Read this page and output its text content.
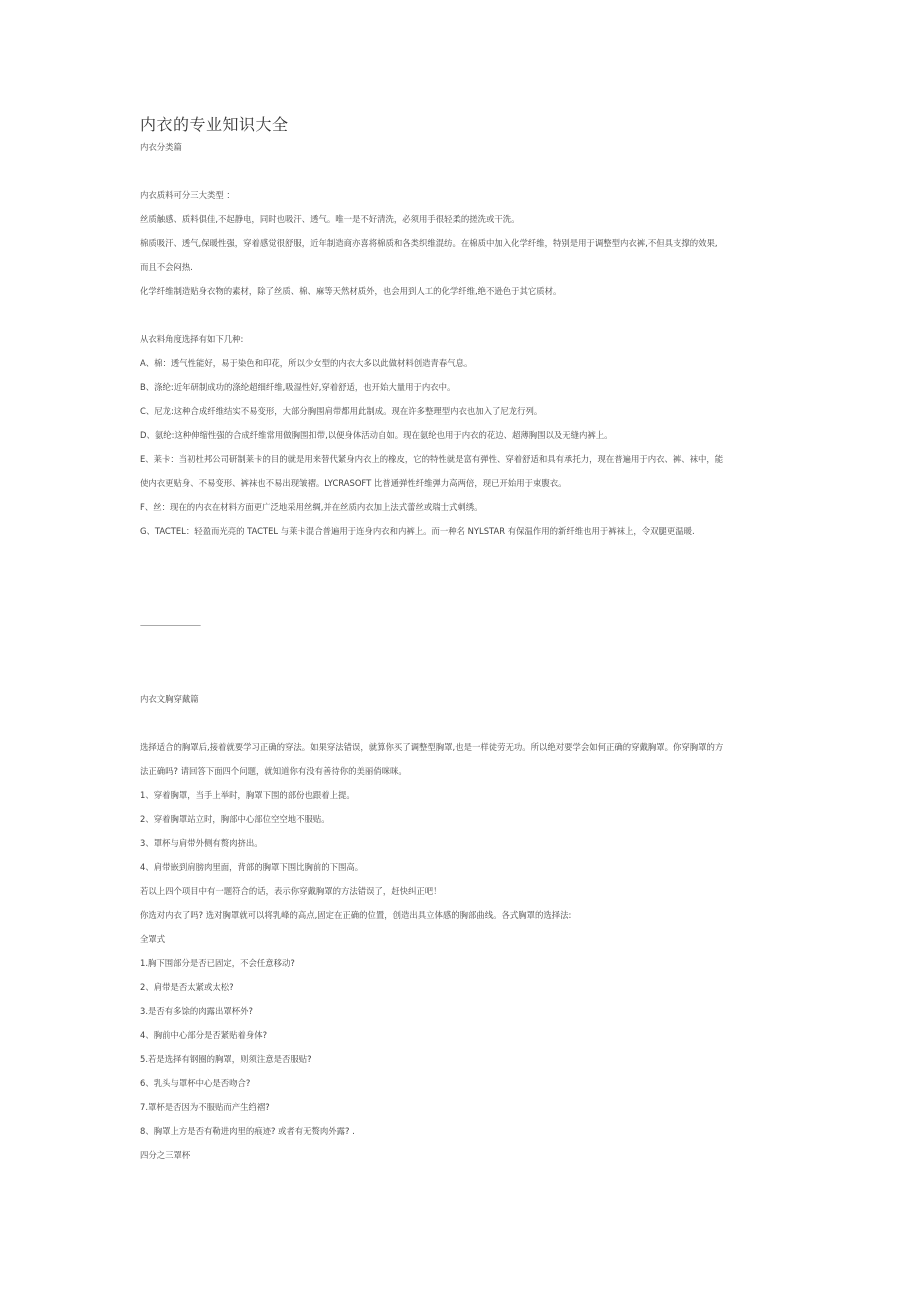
内衣的专业知识大全
内衣分类篇
内衣质料可分三大类型 ：
丝质触感、质料俱佳,不起静电，同时也吸汗、透气。唯一是不好清洗，必须用手很轻柔的搓洗或干洗。
棉质吸汗、透气,保暖性强，穿着感觉很舒服，近年制造商亦喜将棉质和各类织维混纺。在棉质中加入化学纤维，特别是用于调整型内衣裤,不但具支撑的效果,
而且不会闷热.
化学纤维制造贴身衣物的素材，除了丝质、棉、麻等天然材质外，也会用到人工的化学纤维,绝不逊色于其它质材。
从衣料角度选择有如下几种:
A、棉：透气性能好，易于染色和印花，所以少女型的内衣大多以此做材料创造青春气息。
B、涤纶:近年研制成功的涤纶超细纤维,吸湿性好,穿着舒适，也开始大量用于内衣中。
C、尼龙:这种合成纤维结实不易变形，大部分胸围肩带都用此制成。现在许多整理型内衣也加入了尼龙行列。
D、氨纶:这种伸缩性强的合成纤维常用做胸围扣带,以便身体活动自如。现在氨纶也用于内衣的花边、超薄胸围以及无缝内裤上。
E、莱卡：当初杜邦公司研制莱卡的目的就是用来替代紧身内衣上的橡皮，它的特性就是富有弹性、穿着舒适和具有承托力，现在普遍用于内衣、裤、袜中，能
使内衣更贴身、不易变形、裤袜也不易出现皱褶。LYCRASOFT 比普通弹性纤维弹力高两倍，现已开始用于束腹衣。
F、丝：现在的内衣在材料方面更广泛地采用丝绸,并在丝质内衣加上法式蕾丝或瑞士式刺绣。
G、TACTEL：轻盈而光亮的 TACTEL 与莱卡混合普遍用于连身内衣和内裤上。而一种名 NYLSTAR 有保温作用的新纤维也用于裤袜上，令双腿更温暖.
——————————
内衣文胸穿戴篇
选择适合的胸罩后,接着就要学习正确的穿法。如果穿法错误，就算你买了调整型胸罩,也是一样徒劳无功。所以绝对要学会如何正确的穿戴胸罩。你穿胸罩的方
法正确吗? 请回答下面四个问题，就知道你有没有善待你的美丽俏咪咪。
1、穿着胸罩，当手上举时，胸罩下围的部份也跟着上提。
2、穿着胸罩站立时，胸部中心部位空空地不服贴。
3、罩杯与肩带外侧有赘肉挤出。
4、肩带嵌到肩膀肉里面，背部的胸罩下围比胸前的下围高。
若以上四个项目中有一题符合的话，表示你穿戴胸罩的方法错误了，赶快纠正吧！
你选对内衣了吗? 选对胸罩就可以将乳峰的高点,固定在正确的位置，创造出具立体感的胸部曲线。各式胸罩的选择法:
全罩式
1.胸下围部分是否已固定，不会任意移动?
2、肩带是否太紧或太松?
3.是否有多馀的肉露出罩杯外?
4、胸前中心部分是否紧贴着身体?
5.若是选择有钢圈的胸罩，则须注意是否服贴?
6、乳头与罩杯中心是否吻合?
7.罩杯是否因为不服贴而产生绉褶?
8、胸罩上方是否有勒进肉里的痕迹? 或者有无赘肉外露? .
四分之三罩杯
